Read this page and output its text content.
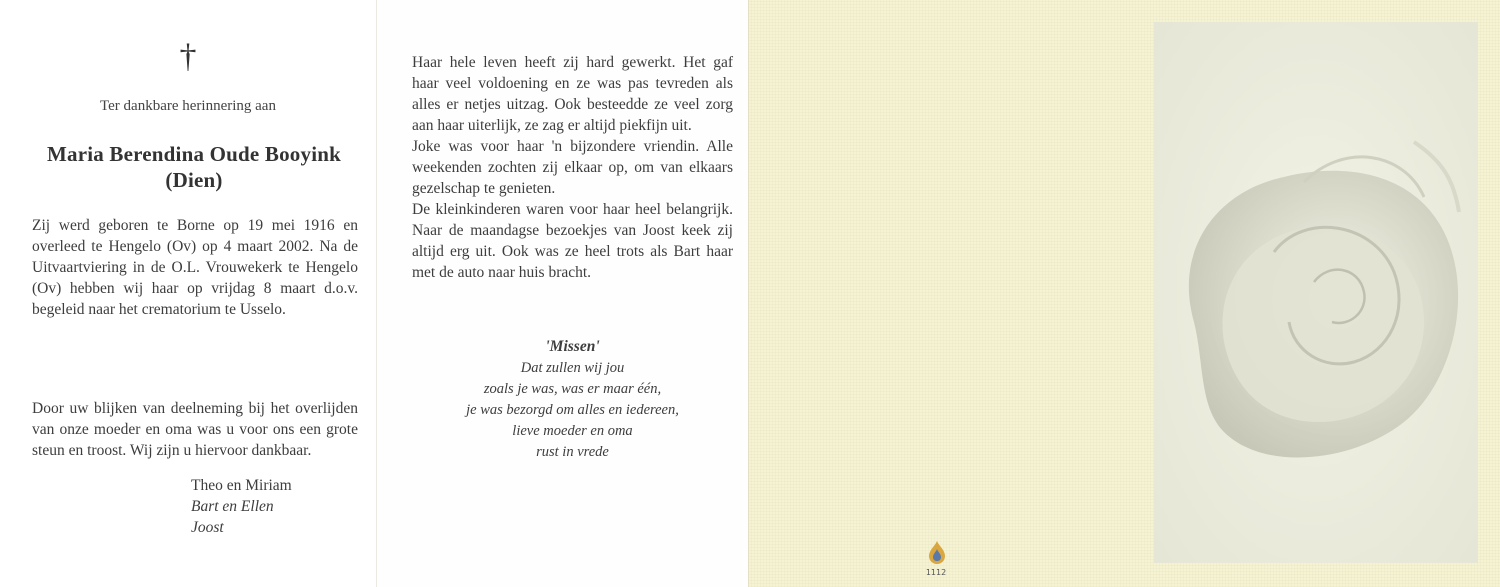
†
Ter dankbare herinnering aan
Maria Berendina Oude Booyink
(Dien)

Zij werd geboren te Borne op 19 mei 1916 en overleed te Hengelo (Ov) op 4 maart 2002. Na de Uitvaartviering in de O.L. Vrouwekerk te Hengelo (Ov) hebben wij haar op vrijdag 8 maart d.o.v. begeleid naar het crematorium te Usselo.

Door uw blijken van deelneming bij het overlijden van onze moeder en oma was u voor ons een grote steun en troost. Wij zijn u hiervoor dankbaar.

Theo en Miriam
Bart en Ellen
Joost

Haar hele leven heeft zij hard gewerkt. Het gaf haar veel voldoening en ze was pas tevreden als alles er netjes uitzag. Ook besteedde ze veel zorg aan haar uiterlijk, ze zag er altijd piekfijn uit.

Joke was voor haar 'n bijzondere vriendin. Alle weekenden zochten zij elkaar op, om van elkaars gezelschap te genieten.

De kleinkinderen waren voor haar heel belangrijk. Naar de maandagse bezoekjes van Joost keek zij altijd erg uit. Ook was ze heel trots als Bart haar met de auto naar huis bracht.

'Missen'
Dat zullen wij jou
zoals je was, was er maar één,
je was bezorgd om alles en iedereen,
lieve moeder en oma
rust in vrede
1112
